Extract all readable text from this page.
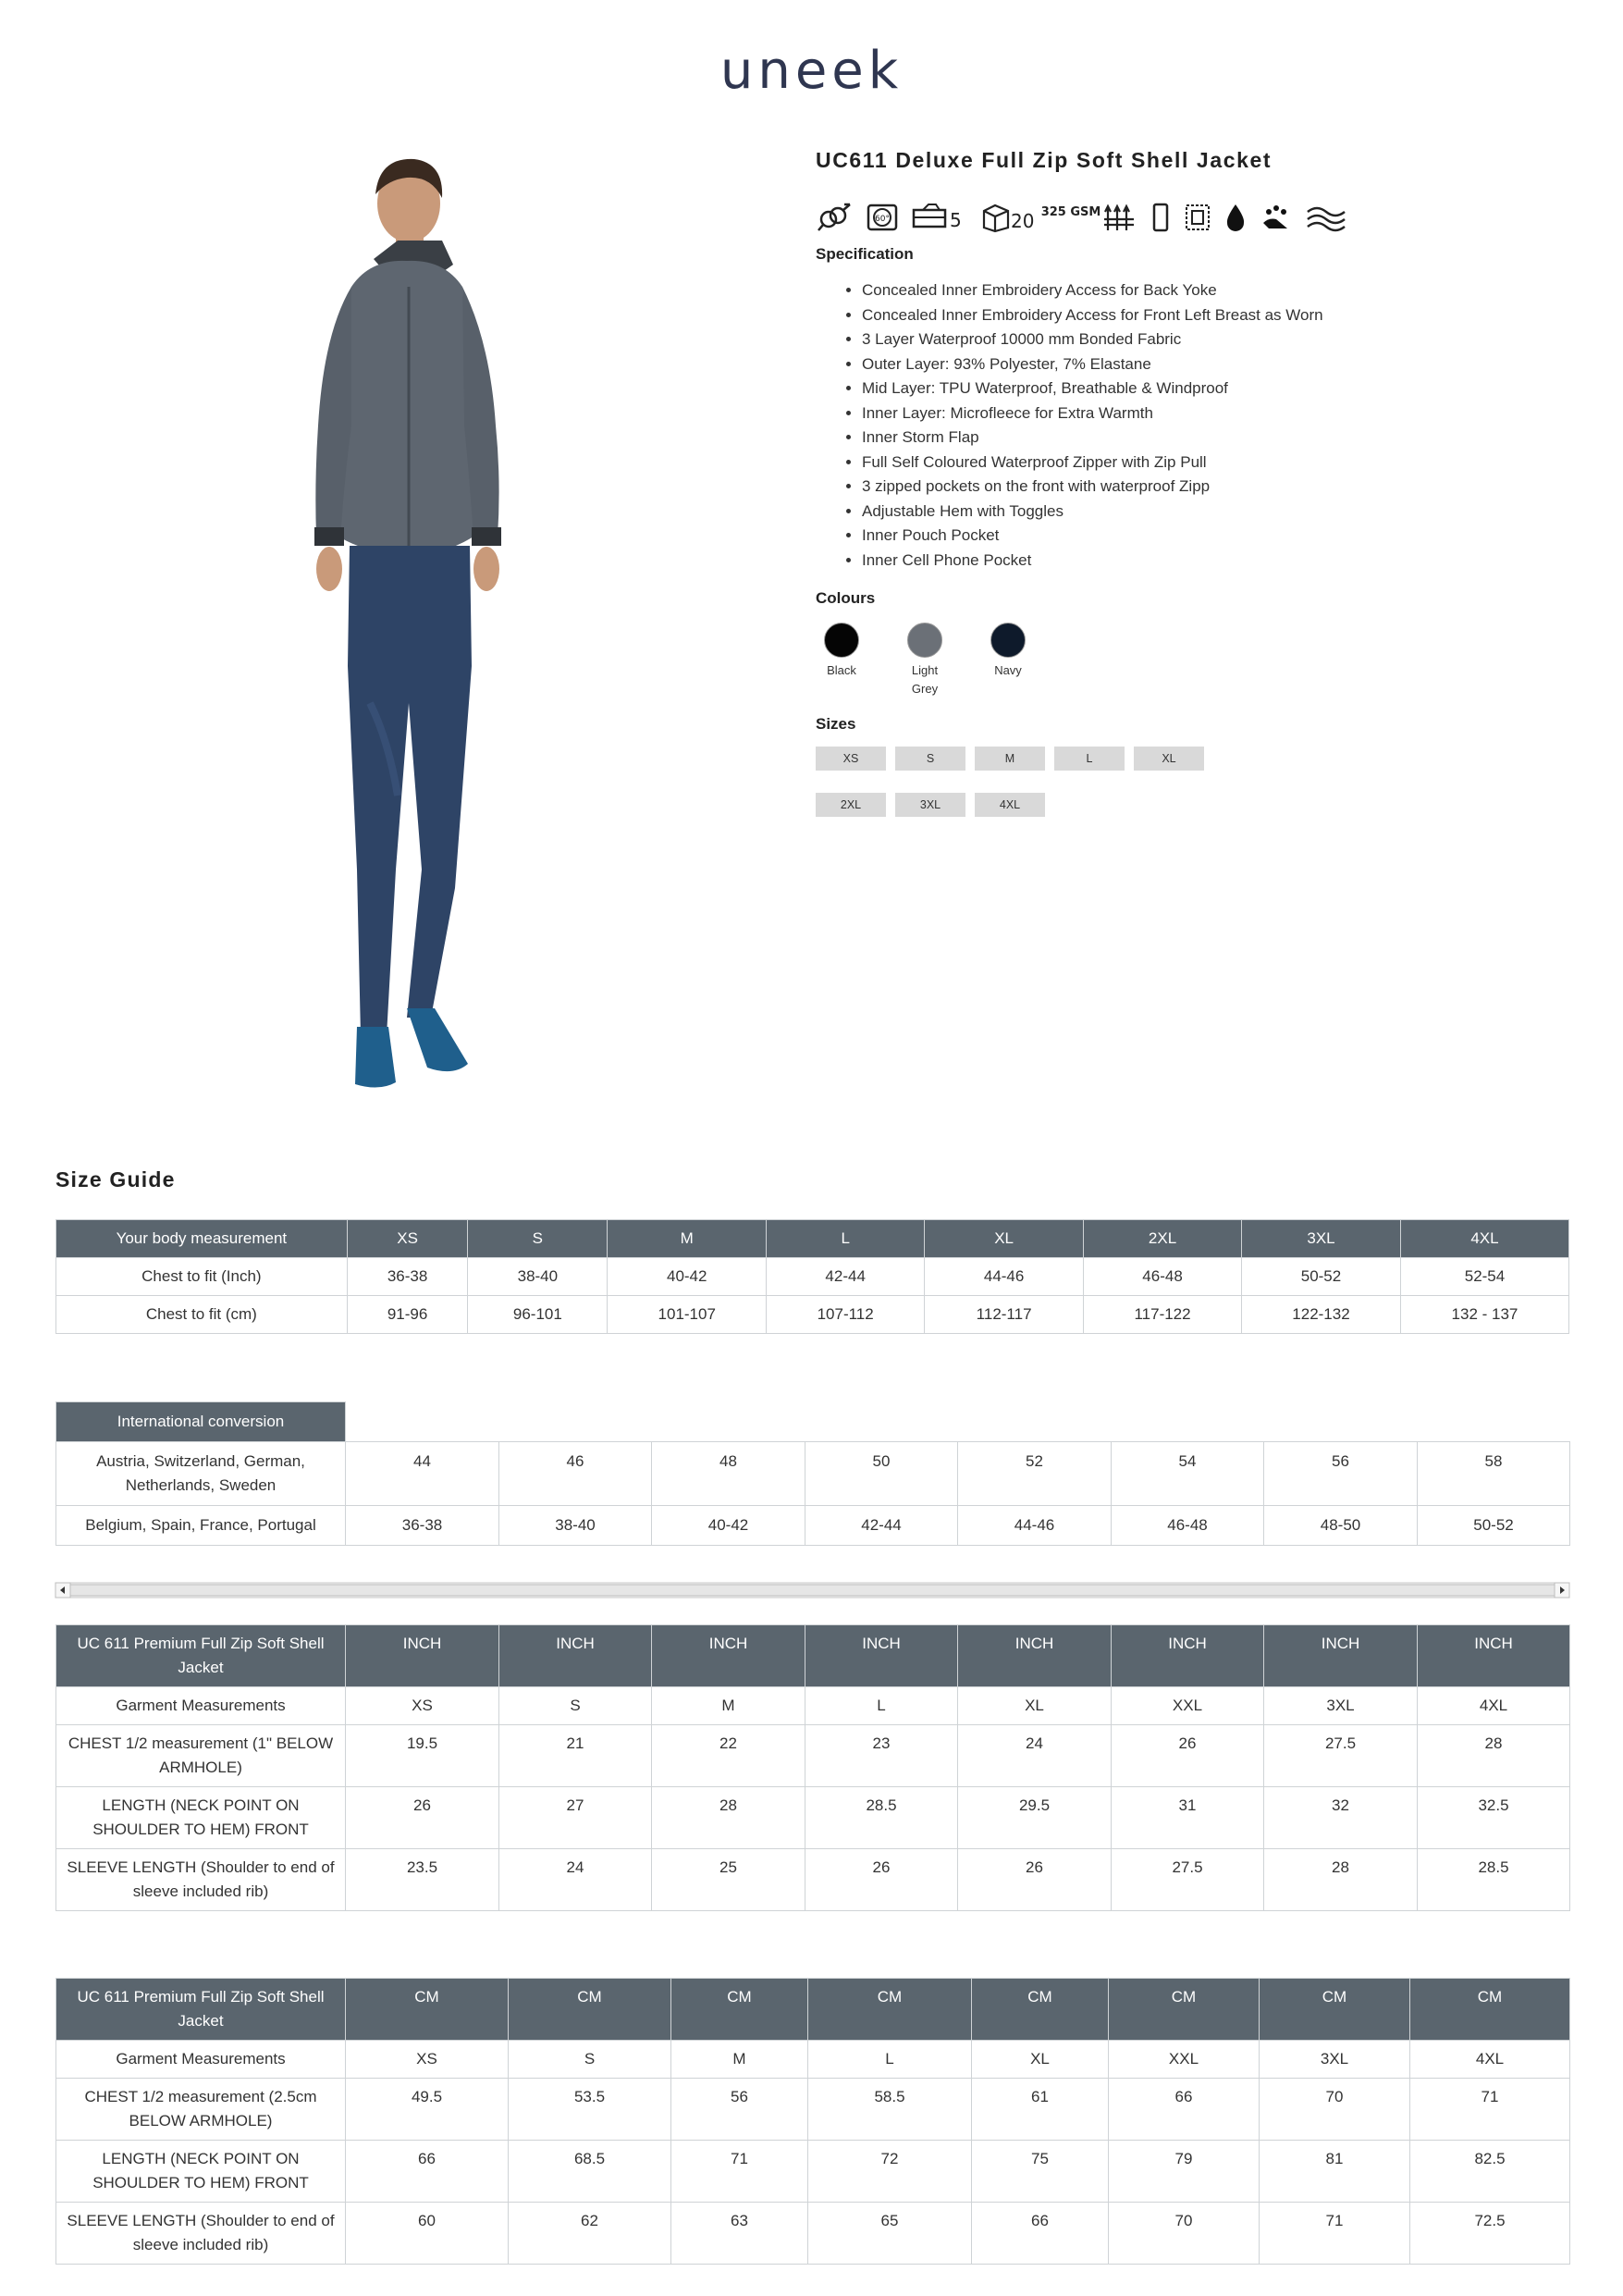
uneek
UC611 Deluxe Full Zip Soft Shell Jacket
60°	5	20 325 GSM
Specification
• Concealed Inner Embroidery Access for Back Yoke
• Concealed Inner Embroidery Access for Front Left Breast as Worn
• 3 Layer Waterproof 10000 mm Bonded Fabric
• Outer Layer: 93% Polyester, 7% Elastane
• Mid Layer: TPU Waterproof, Breathable & Windproof
• Inner Layer: Microfleece for Extra Warmth
• Inner Storm Flap
• Full Self Coloured Waterproof Zipper with Zip Pull
• 3 zipped pockets on the front with waterproof Zipp
• Adjustable Hem with Toggles
• Inner Pouch Pocket
• Inner Cell Phone Pocket
Colours
Black	Light Grey
Navy
Sizes
XS	S	M	L	XL
2XL	3XL	4XL
Size Guide
Your body measurement	XS	S	M	L	XL	2XL	3XL	4XL
Chest to fit (Inch)	36-38	38-40	40-42	42-44	44-46	46-48	50-52	52-54
Chest to fit (cm)	91-96	96-101	101-107	107-112	112-117	117-122	122-132	132 - 137
International conversion								
Austria, Switzerland, German, Netherlands, Sweden	44	46	48	50	52	54	56	58
Belgium, Spain, France, Portugal	36-38	38-40	40-42	42-44	44-46	46-48	48-50	50-52
UC 611 Premium Full Zip Soft Shell Jacket	INCH	INCH	INCH	INCH	INCH	INCH	INCH	INCH
Garment Measurements	XS	S	M	L	XL	XXL	3XL	4XL
CHEST 1/2 measurement (1" BELOW ARMHOLE)	19.5	21	22	23	24	26	27.5	28
LENGTH (NECK POINT ON SHOULDER TO HEM) FRONT	26	27	28	28.5	29.5	31	32	32.5
SLEEVE LENGTH (Shoulder to end of sleeve included rib)	23.5	24	25	26	26	27.5	28	28.5
UC 611 Premium Full Zip Soft Shell Jacket	CM	CM	CM	CM	CM	CM	CM	CM
Garment Measurements	XS	S	M	L	XL	XXL	3XL	4XL
CHEST 1/2 measurement (2.5cm BELOW ARMHOLE)	49.5	53.5	56	58.5	61	66	70	71
LENGTH (NECK POINT ON SHOULDER TO HEM) FRONT	66	68.5	71	72	75	79	81	82.5
SLEEVE LENGTH (Shoulder to end of sleeve included rib)	60	62	63	65	66	70	71	72.5
